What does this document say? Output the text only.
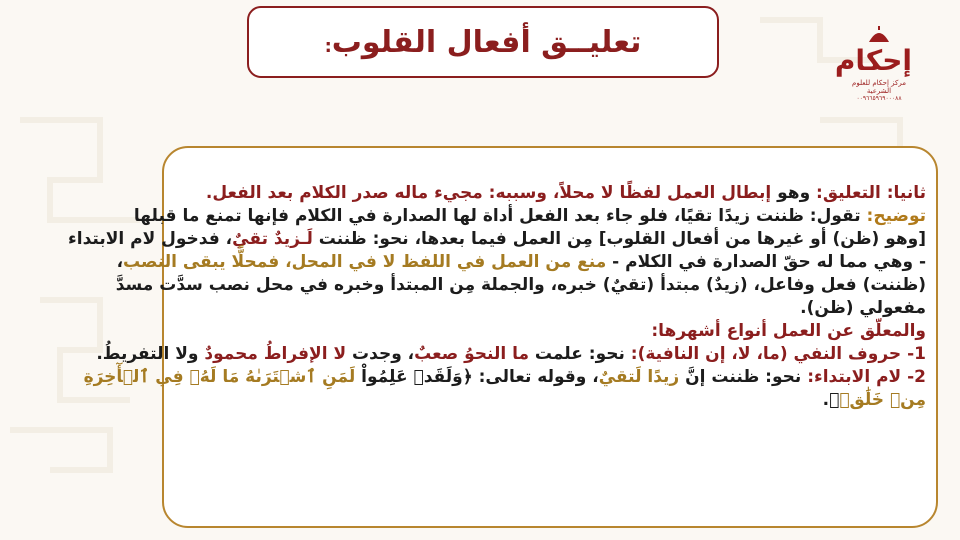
تعليــق أفعال القلوب:	إحكام
مركز إحكام للعلوم الشرعية
٠٠٩٦٦٥٩٦٩٠٠٠٨٨
ثانيا: التعليق: وهو إبطال العمل لفظًا لا محلاً، وسببه: مجيء ماله صدر الكلام بعد الفعل.
توضيح: تقول: ظننت زيدًا تقيًا، فلو جاء بعد الفعل أداة لها الصدارة في الكلام فإنها تمنع ما قبلها
[وهو (ظن) أو غيرها من أفعال القلوب] مِن العمل فيما بعدها، نحو: ظننت لَـزيدٌ تقيٌ، فدخول لام الابتداء
- وهي مما له حقّ الصدارة في الكلام - منع من العمل في اللفظ لا في المحل، فمحلًّا يبقى النصب،
(ظننت) فعل وفاعل، (زيدٌ) مبتدأ (تقيٌ) خبره، والجملة مِن المبتدأ وخبره في محل نصب سدَّت مسدَّ
مفعولي (ظن).
والمعلّق عن العمل أنواع أشهرها:
1- حروف النفي (ما، لا، إن النافية): نحو: علمت ما النحوُ صعبٌ، وجدت لا الإفراطُ محمودٌ ولا التفريطُ.
2- لام الابتداء: نحو: ظننت إنَّ زيدًا لَتقيٌ، وقوله تعالى: ﴿وَلَقَدۡ عَلِمُواْ لَمَنِ ٱشۡتَرَىٰهُ مَا لَهُۥ فِي ٱلۡأٓخِرَةِ
مِنۡ خَلَٰقٖ﴾.
